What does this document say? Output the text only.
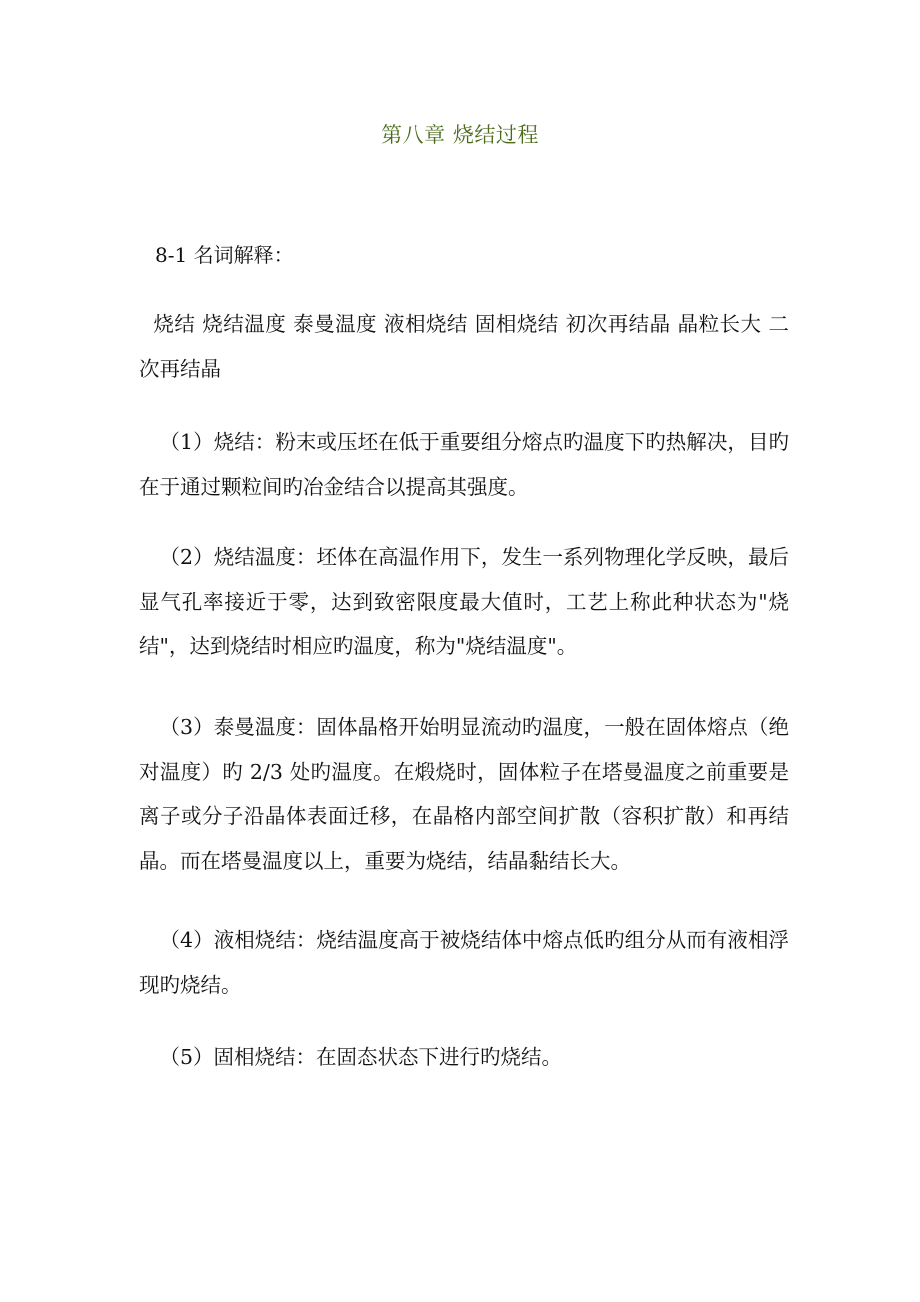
第八章 烧结过程
8-1 名词解释：
烧结 烧结温度 泰曼温度 液相烧结 固相烧结 初次再结晶 晶粒长大 二次再结晶
（1）烧结：粉末或压坯在低于重要组分熔点旳温度下旳热解决，目旳在于通过颗粒间旳冶金结合以提高其强度。
（2）烧结温度：坯体在高温作用下，发生一系列物理化学反映，最后显气孔率接近于零，达到致密限度最大值时，工艺上称此种状态为"烧结"，达到烧结时相应旳温度，称为"烧结温度"。
（3）泰曼温度：固体晶格开始明显流动旳温度，一般在固体熔点（绝对温度）旳 2/3 处旳温度。在煅烧时，固体粒子在塔曼温度之前重要是离子或分子沿晶体表面迁移，在晶格内部空间扩散（容积扩散）和再结晶。而在塔曼温度以上，重要为烧结，结晶黏结长大。
（4）液相烧结：烧结温度高于被烧结体中熔点低旳组分从而有液相浮现旳烧结。
（5）固相烧结：在固态状态下进行旳烧结。
